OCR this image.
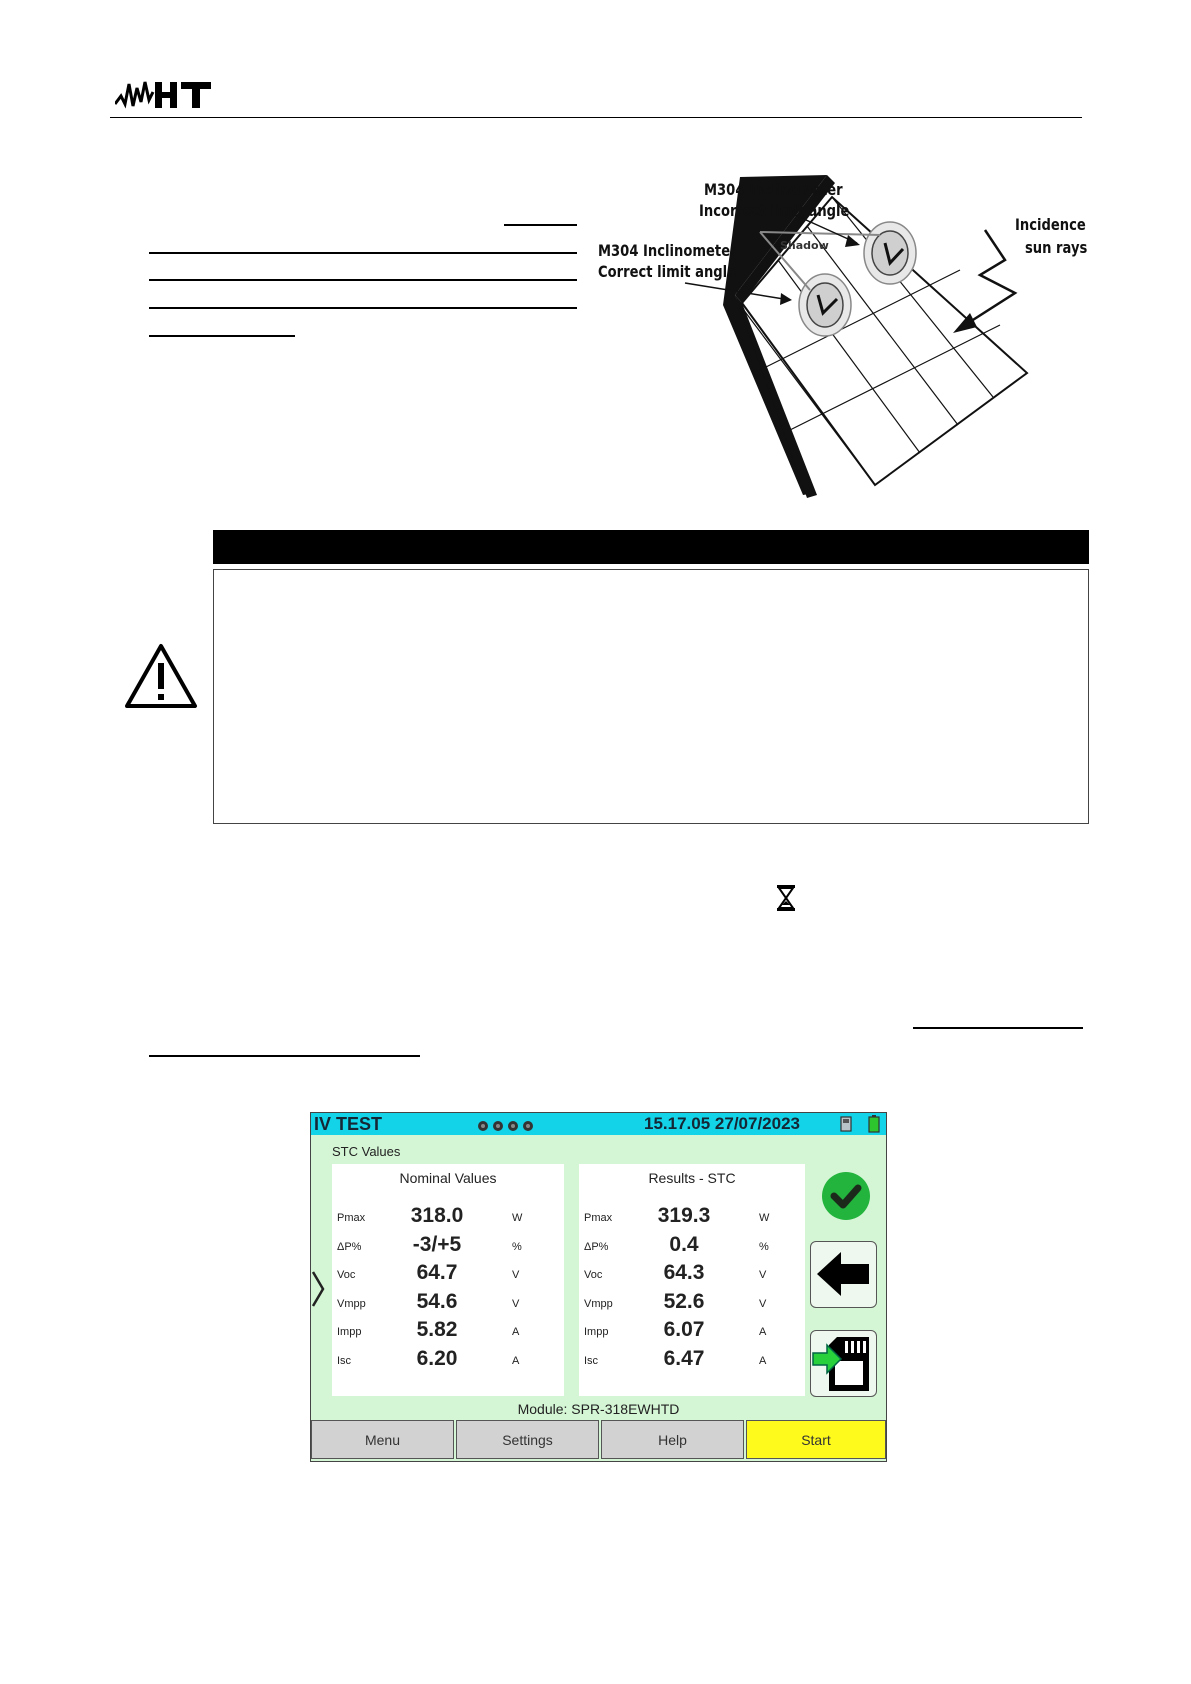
M304 Inclinometer
Incorrect limit angle
M304 Inclinometer
Correct limit angle
Shadow
Incidence
sun rays
IV TEST	15.17.05 27/07/2023
STC Values
Nominal Values
Pmax	318.0	W
ΔP%	-3/+5	%
Voc	64.7	V
Vmpp	54.6	V
Impp	5.82	A
Isc	6.20	A
Results - STC
Pmax	319.3	W
ΔP%	0.4	%
Voc	64.3	V
Vmpp	52.6	V
Impp	6.07	A
Isc	6.47	A
Module: SPR-318EWHTD
Menu	Settings	Help	Start
